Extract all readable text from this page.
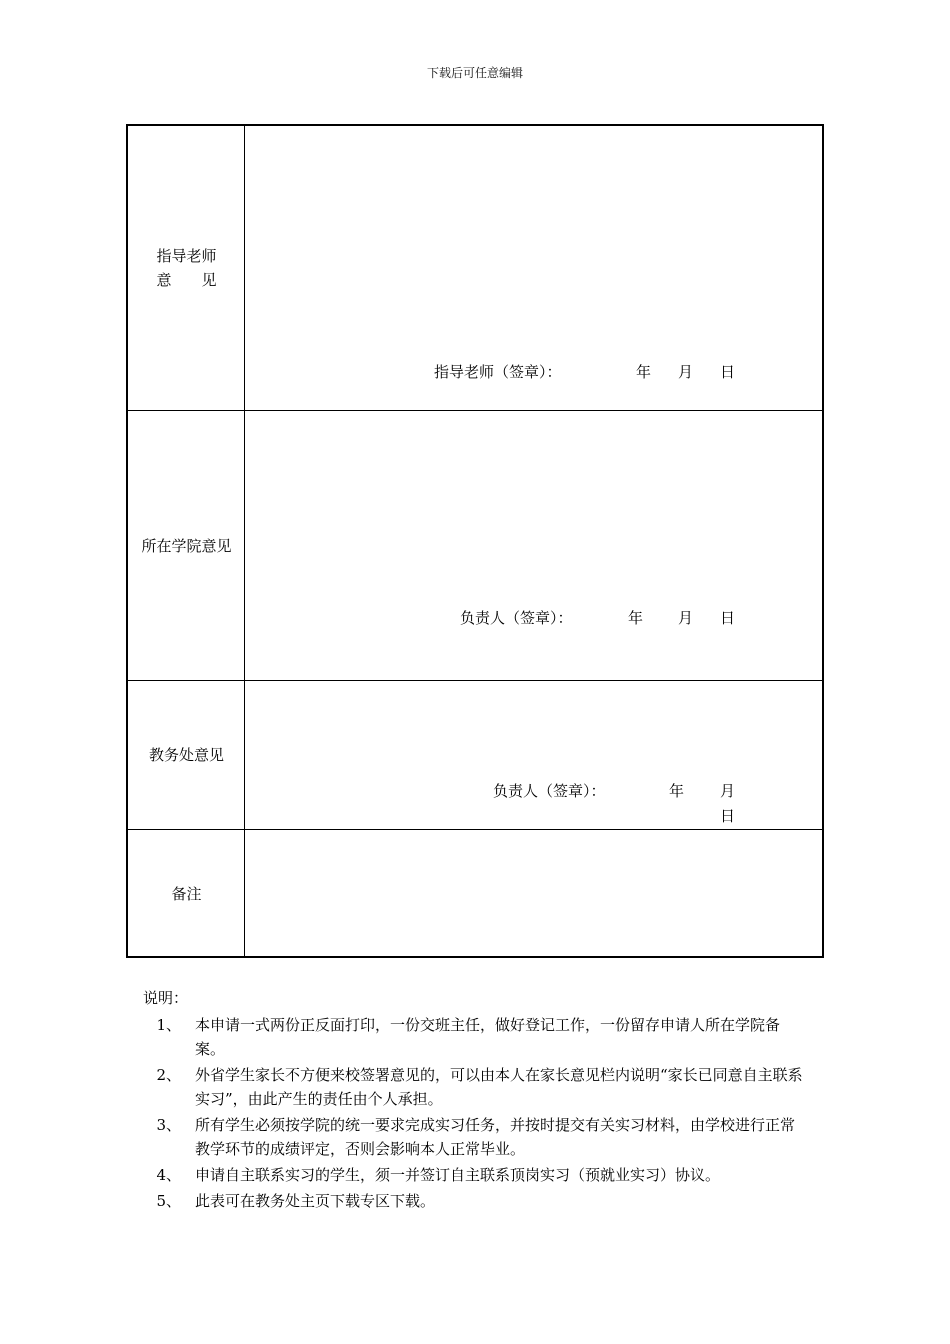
下载后可任意编辑
指导老师
意　　见
指导老师（签章）：	年 月 日
所在学院意见
负责人（签章）：	年 月 日
教务处意见
负责人（签章）：	年 月
日
备注
说明：
1、 本申请一式两份正反面打印，一份交班主任，做好登记工作，一份留存申请人所在学院备案。
2、 外省学生家长不方便来校签署意见的，可以由本人在家长意见栏内说明“家长已同意自主联系实习”，由此产生的责任由个人承担。
3、 所有学生必须按学院的统一要求完成实习任务，并按时提交有关实习材料，由学校进行正常教学环节的成绩评定，否则会影响本人正常毕业。
4、 申请自主联系实习的学生，须一并签订自主联系顶岗实习（预就业实习）协议。
5、 此表可在教务处主页下载专区下载。
